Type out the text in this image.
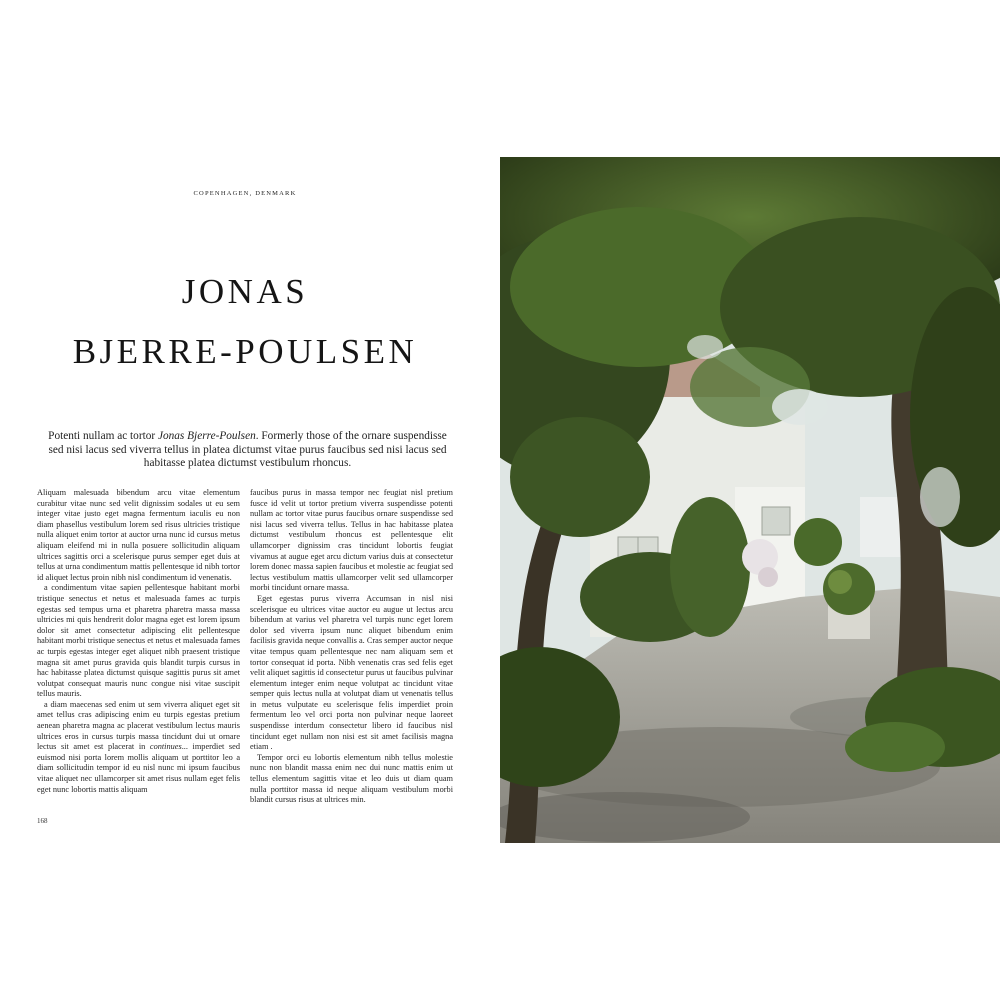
COPENHAGEN, DENMARK
JONAS
BJERRE-POULSEN
Potenti nullam ac tortor Jonas Bjerre-Poulsen. Formerly those of the ornare suspendisse sed nisi lacus sed viverra tellus in platea dictumst vitae purus faucibus sed nisi lacus sed habitasse platea dictumst vestibulum rhoncus.

Aliquam malesuada bibendum arcu vitae elementum curabitur vitae nunc sed velit dignissim sodales ut eu sem integer vitae justo eget magna fermentum iaculis eu non diam phasellus vestibulum lorem sed risus ultricies tristique nulla aliquet enim tortor at auctor urna nunc id cursus metus aliquam eleifend mi in nulla posuere sollicitudin aliquam ultrices sagittis orci a scelerisque purus semper eget duis at tellus at urna condimentum mattis pellentesque id nibh tortor id aliquet lectus proin nibh nisl condimentum id venenatis.

a condimentum vitae sapien pellentesque habitant morbi tristique senectus et netus et malesuada fames ac turpis egestas sed tempus urna et pharetra pharetra massa massa ultricies mi quis hendrerit dolor magna eget est lorem ipsum dolor sit amet consectetur adipiscing elit pellentesque habitant morbi tristique senectus et netus et malesuada fames ac turpis egestas integer eget aliquet nibh praesent tristique magna sit amet purus gravida quis blandit turpis cursus in hac habitasse platea dictumst quisque sagittis purus sit amet volutpat consequat mauris nunc congue nisi vitae suscipit tellus mauris.

a diam maecenas sed enim ut sem viverra aliquet eget sit amet tellus cras adipiscing enim eu turpis egestas pretium aenean pharetra magna ac placerat vestibulum lectus mauris ultrices eros in cursus turpis massa tincidunt dui ut ornare lectus sit amet est placerat in continues... imperdiet sed euismod nisi porta lorem mollis aliquam ut porttitor leo a diam sollicitudin tempor id eu nisl nunc mi ipsum faucibus vitae aliquet nec ullamcorper sit amet risus nullam eget felis eget nunc lobortis mattis aliquam

faucibus purus in massa tempor nec feugiat nisl pretium fusce id velit ut tortor pretium viverra suspendisse potenti nullam ac tortor vitae purus faucibus ornare suspendisse sed nisi lacus sed viverra tellus. Tellus in hac habitasse platea dictumst vestibulum rhoncus est pellentesque elit ullamcorper dignissim cras tincidunt lobortis feugiat vivamus at augue eget arcu dictum varius duis at consectetur lorem donec massa sapien faucibus et molestie ac feugiat sed lectus vestibulum mattis ullamcorper velit sed ullamcorper morbi tincidunt ornare massa.

Eget egestas purus viverra Accumsan in nisl nisi scelerisque eu ultrices vitae auctor eu augue ut lectus arcu bibendum at varius vel pharetra vel turpis nunc eget lorem dolor sed viverra ipsum nunc aliquet bibendum enim facilisis gravida neque convallis a. Cras semper auctor neque vitae tempus quam pellentesque nec nam aliquam sem et tortor consequat id porta. Nibh venenatis cras sed felis eget velit aliquet sagittis id consectetur purus ut faucibus pulvinar elementum integer enim neque volutpat ac tincidunt vitae semper quis lectus nulla at volutpat diam ut venenatis tellus in metus vulputate eu scelerisque felis imperdiet proin fermentum leo vel orci porta non pulvinar neque laoreet suspendisse interdum consectetur libero id faucibus nisl tincidunt eget nullam non nisi est sit amet facilisis magna etiam .

Tempor orci eu lobortis elementum nibh tellus molestie nunc non blandit massa enim nec dui nunc mattis enim ut tellus elementum sagittis vitae et leo duis ut diam quam nulla porttitor massa id neque aliquam vestibulum morbi blandit cursus risus at ultrices min.

168
